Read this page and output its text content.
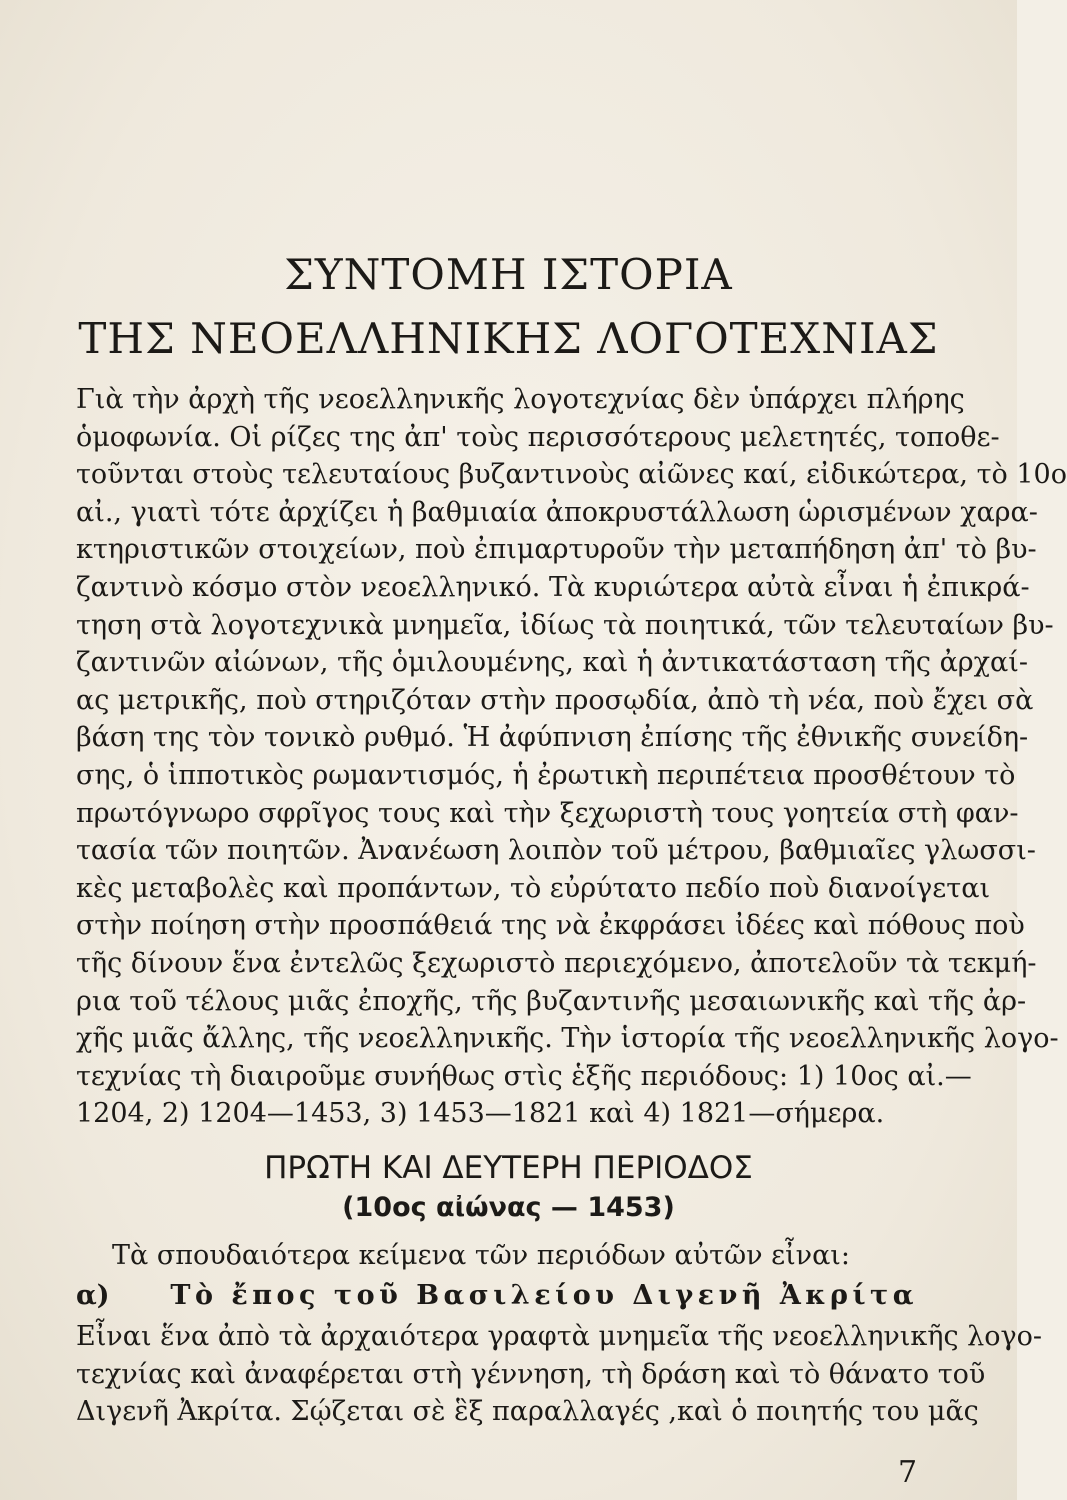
ΣΥΝΤΟΜΗ ΙΣΤΟΡΙΑ
ΤΗΣ ΝΕΟΕΛΛΗΝΙΚΗΣ ΛΟΓΟΤΕΧΝΙΑΣ
Γιὰ τὴν ἀρχὴ τῆς νεοελληνικῆς λογοτεχνίας δὲν ὑπάρχει πλήρης
ὁμοφωνία. Οἱ ρίζες της ἀπ' τοὺς περισσότερους μελετητές, τοποθε-
τοῦνται στοὺς τελευταίους βυζαντινοὺς αἰῶνες καί, εἰδικώτερα, τὸ 10ο
αἰ., γιατὶ τότε ἀρχίζει ἡ βαθμιαία ἀποκρυστάλλωση ὡρισμένων χαρα-
κτηριστικῶν στοιχείων, ποὺ ἐπιμαρτυροῦν τὴν μεταπήδηση ἀπ' τὸ βυ-
ζαντινὸ κόσμο στὸν νεοελληνικό. Τὰ κυριώτερα αὐτὰ εἶναι ἡ ἐπικρά-
τηση στὰ λογοτεχνικὰ μνημεῖα, ἰδίως τὰ ποιητικά, τῶν τελευταίων βυ-
ζαντινῶν αἰώνων, τῆς ὁμιλουμένης, καὶ ἡ ἀντικατάσταση τῆς ἀρχαί-
ας μετρικῆς, ποὺ στηριζόταν στὴν προσῳδία, ἀπὸ τὴ νέα, ποὺ ἔχει σὰ
βάση της τὸν τονικὸ ρυθμό. Ἡ ἀφύπνιση ἐπίσης τῆς ἐθνικῆς συνείδη-
σης, ὁ ἱπποτικὸς ρωμαντισμός, ἡ ἐρωτικὴ περιπέτεια προσθέτουν τὸ
πρωτόγνωρο σφρῖγος τους καὶ τὴν ξεχωριστὴ τους γοητεία στὴ φαν-
τασία τῶν ποιητῶν. Ἀνανέωση λοιπὸν τοῦ μέτρου, βαθμιαῖες γλωσσι-
κὲς μεταβολὲς καὶ προπάντων, τὸ εὐρύτατο πεδίο ποὺ διανοίγεται
στὴν ποίηση στὴν προσπάθειά της νὰ ἐκφράσει ἰδέες καὶ πόθους ποὺ
τῆς δίνουν ἕνα ἐντελῶς ξεχωριστὸ περιεχόμενο, ἀποτελοῦν τὰ τεκμή-
ρια τοῦ τέλους μιᾶς ἐποχῆς, τῆς βυζαντινῆς μεσαιωνικῆς καὶ τῆς ἀρ-
χῆς μιᾶς ἄλλης, τῆς νεοελληνικῆς. Τὴν ἱστορία τῆς νεοελληνικῆς λογο-
τεχνίας τὴ διαιροῦμε συνήθως στὶς ἑξῆς περιόδους: 1) 10ος αἰ.—
1204, 2) 1204—1453, 3) 1453—1821 καὶ 4) 1821—σήμερα.
ΠΡΩΤΗ ΚΑΙ ΔΕΥΤΕΡΗ ΠΕΡΙΟΔΟΣ
(10ος αἰώνας — 1453)

Τὰ σπουδαιότερα κείμενα τῶν περιόδων αὐτῶν εἶναι:

α) Τὸ ἔπος τοῦ Βασιλείου Διγενῆ Ἀκρίτα
Εἶναι ἕνα ἀπὸ τὰ ἀρχαιότερα γραφτὰ μνημεῖα τῆς νεοελληνικῆς λογο-
τεχνίας καὶ ἀναφέρεται στὴ γέννηση, τὴ δράση καὶ τὸ θάνατο τοῦ
Διγενῆ Ἀκρίτα. Σῴζεται σὲ ἓξ παραλλαγές ,καὶ ὁ ποιητής του μᾶς
7
